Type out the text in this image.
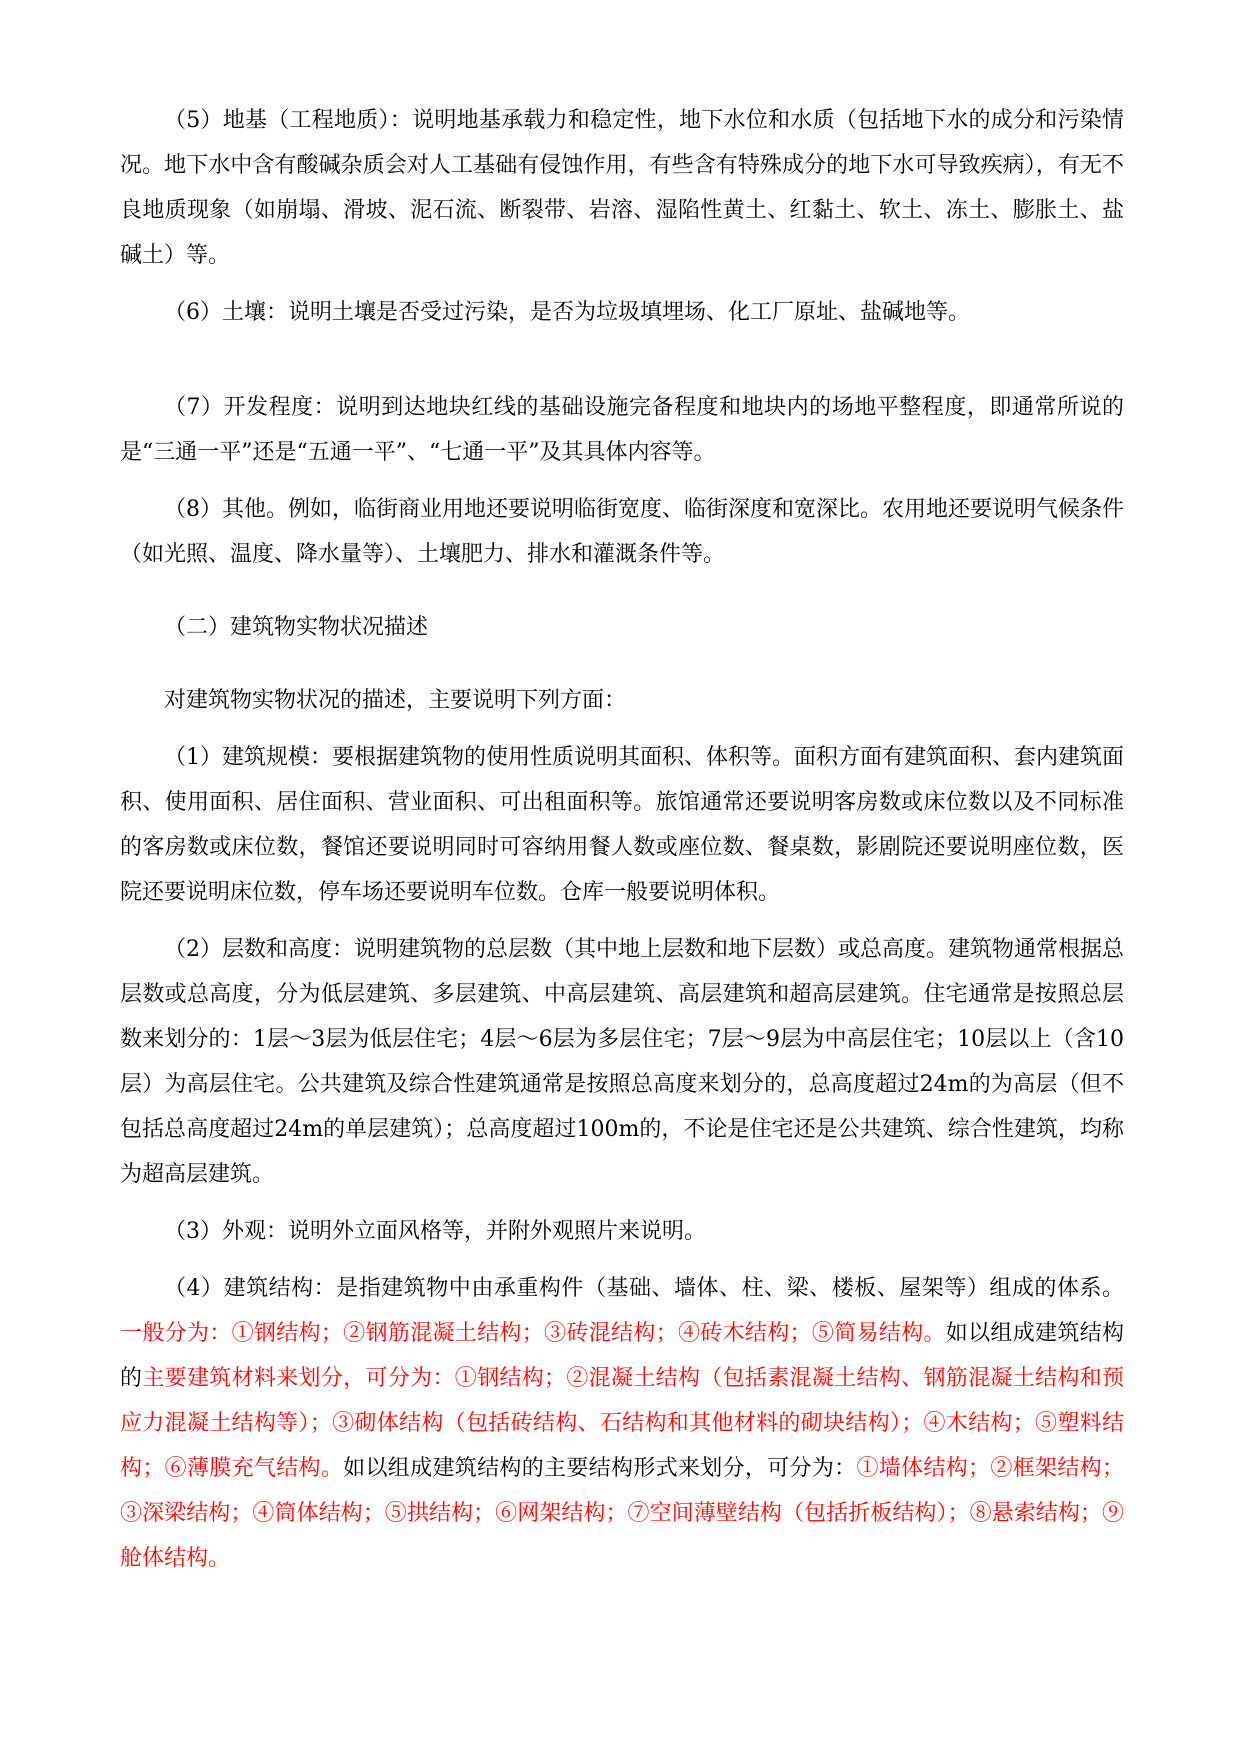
（5）地基（工程地质）：说明地基承载力和稳定性，地下水位和水质（包括地下水的成分和污染情况。地下水中含有酸碱杂质会对人工基础有侵蚀作用，有些含有特殊成分的地下水可导致疾病），有无不良地质现象（如崩塌、滑坡、泥石流、断裂带、岩溶、湿陷性黄土、红黏土、软土、冻土、膨胀土、盐碱土）等。

（6）土壤：说明土壤是否受过污染，是否为垃圾填埋场、化工厂原址、盐碱地等。

（7）开发程度：说明到达地块红线的基础设施完备程度和地块内的场地平整程度，即通常所说的是“三通一平”还是“五通一平”、“七通一平”及其具体内容等。

（8）其他。例如，临街商业用地还要说明临街宽度、临街深度和宽深比。农用地还要说明气候条件（如光照、温度、降水量等）、土壤肥力、排水和灌溉条件等。

（二）建筑物实物状况描述

对建筑物实物状况的描述，主要说明下列方面：

（1）建筑规模：要根据建筑物的使用性质说明其面积、体积等。面积方面有建筑面积、套内建筑面积、使用面积、居住面积、营业面积、可出租面积等。旅馆通常还要说明客房数或床位数以及不同标准的客房数或床位数，餐馆还要说明同时可容纳用餐人数或座位数、餐桌数，影剧院还要说明座位数，医院还要说明床位数，停车场还要说明车位数。仓库一般要说明体积。

（2）层数和高度：说明建筑物的总层数（其中地上层数和地下层数）或总高度。建筑物通常根据总层数或总高度，分为低层建筑、多层建筑、中高层建筑、高层建筑和超高层建筑。住宅通常是按照总层数来划分的：1层～3层为低层住宅；4层～6层为多层住宅；7层～9层为中高层住宅；10层以上（含10层）为高层住宅。公共建筑及综合性建筑通常是按照总高度来划分的，总高度超过24m的为高层（但不包括总高度超过24m的单层建筑）；总高度超过100m的，不论是住宅还是公共建筑、综合性建筑，均称为超高层建筑。

（3）外观：说明外立面风格等，并附外观照片来说明。

（4）建筑结构：是指建筑物中由承重构件（基础、墙体、柱、梁、楼板、屋架等）组成的体系。一般分为：①钢结构；②钢筋混凝土结构；③砖混结构；④砖木结构；⑤简易结构。如以组成建筑结构的主要建筑材料来划分，可分为：①钢结构；②混凝土结构（包括素混凝土结构、钢筋混凝土结构和预应力混凝土结构等）；③砌体结构（包括砖结构、石结构和其他材料的砌块结构）；④木结构；⑤塑料结构；⑥薄膜充气结构。如以组成建筑结构的主要结构形式来划分，可分为：①墙体结构；②框架结构；③深梁结构；④筒体结构；⑤拱结构；⑥网架结构；⑦空间薄壁结构（包括折板结构）；⑧悬索结构；⑨舱体结构。
